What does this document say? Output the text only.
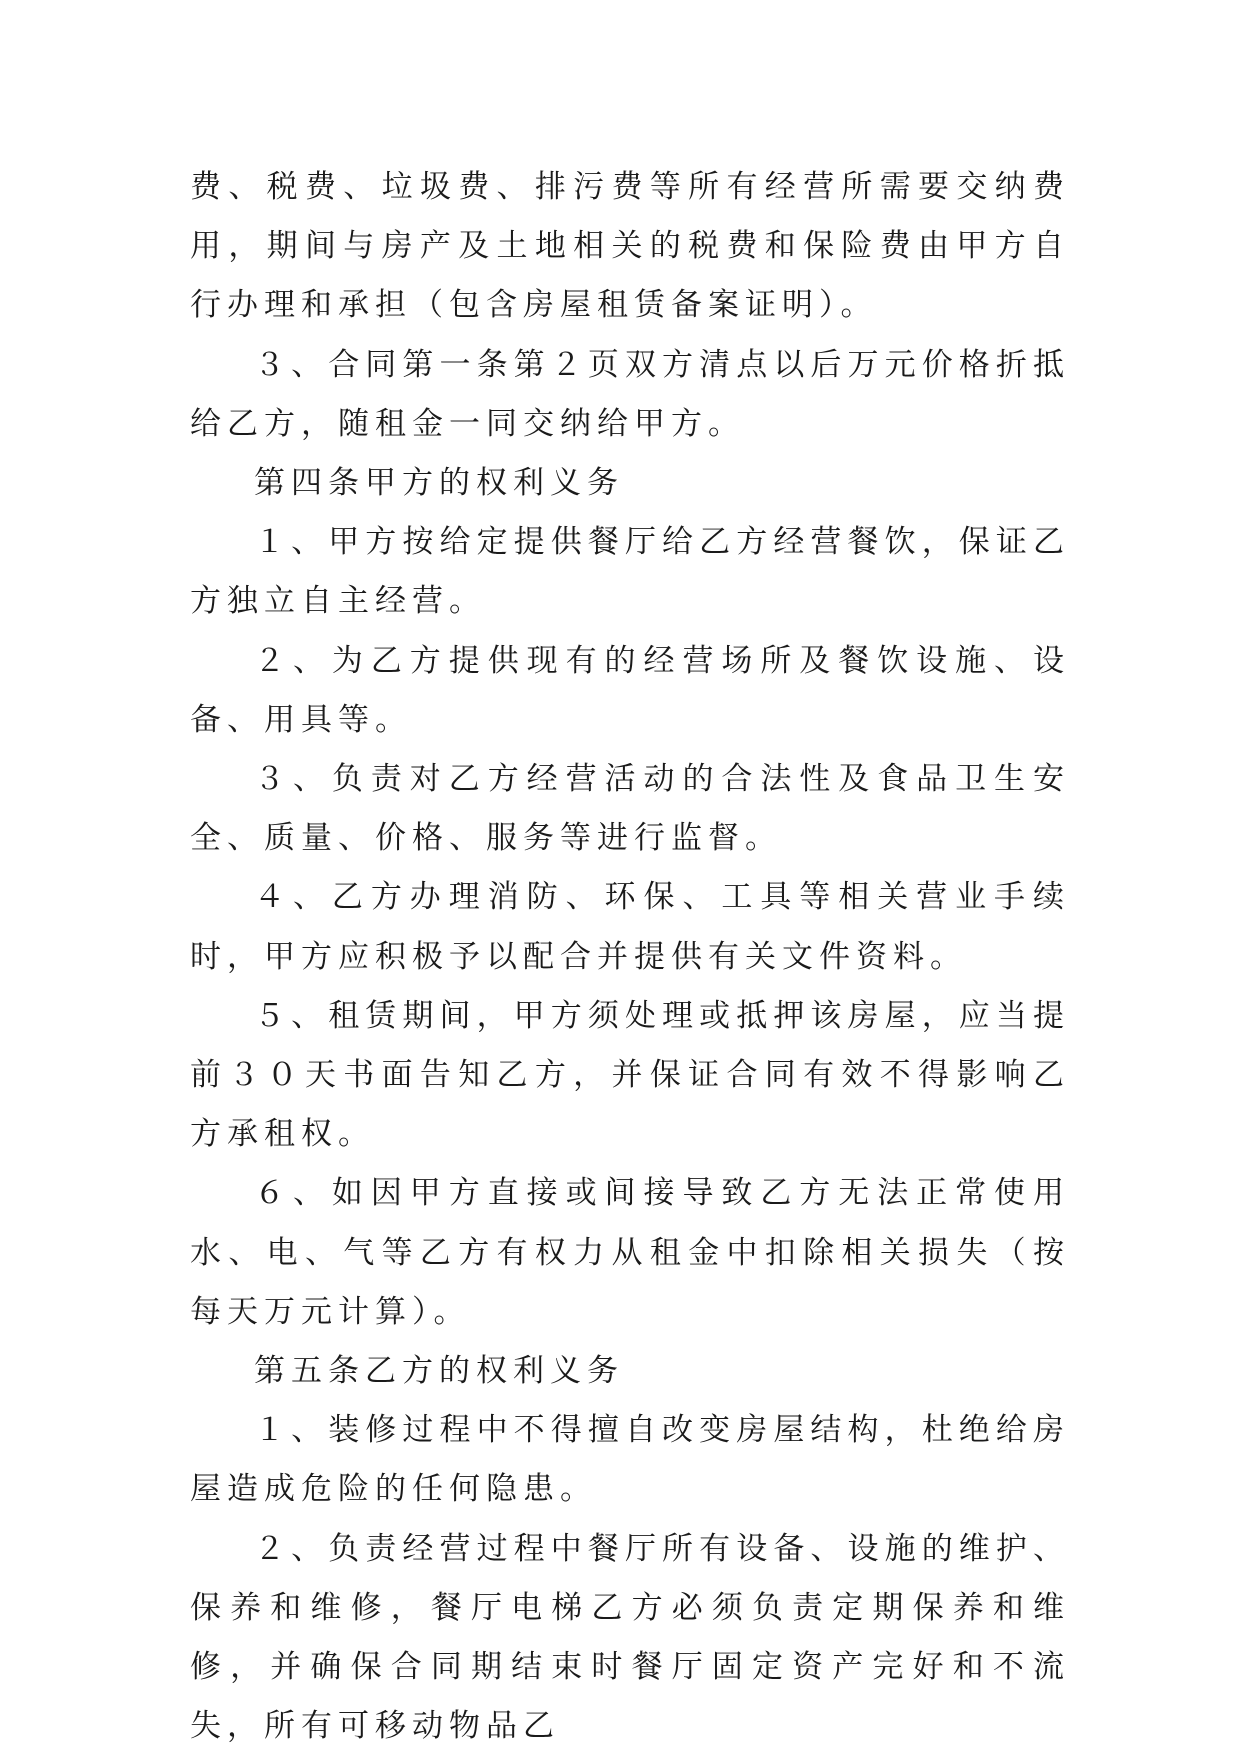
费、税费、垃圾费、排污费等所有经营所需要交纳费用，期间与房产及土地相关的税费和保险费由甲方自行办理和承担（包含房屋租赁备案证明）。

３、合同第一条第２页双方清点以后万元价格折抵给乙方，随租金一同交纳给甲方。

第四条甲方的权利义务

１、甲方按给定提供餐厅给乙方经营餐饮，保证乙方独立自主经营。

２、为乙方提供现有的经营场所及餐饮设施、设备、用具等。

３、负责对乙方经营活动的合法性及食品卫生安全、质量、价格、服务等进行监督。

４、乙方办理消防、环保、工具等相关营业手续时，甲方应积极予以配合并提供有关文件资料。

５、租赁期间，甲方须处理或抵押该房屋，应当提前３０天书面告知乙方，并保证合同有效不得影响乙方承租权。

６、如因甲方直接或间接导致乙方无法正常使用水、电、气等乙方有权力从租金中扣除相关损失（按每天万元计算）。

第五条乙方的权利义务

１、装修过程中不得擅自改变房屋结构，杜绝给房屋造成危险的任何隐患。

２、负责经营过程中餐厅所有设备、设施的维护、保养和维修，餐厅电梯乙方必须负责定期保养和维修，并确保合同期结束时餐厅固定资产完好和不流失，所有可移动物品乙
